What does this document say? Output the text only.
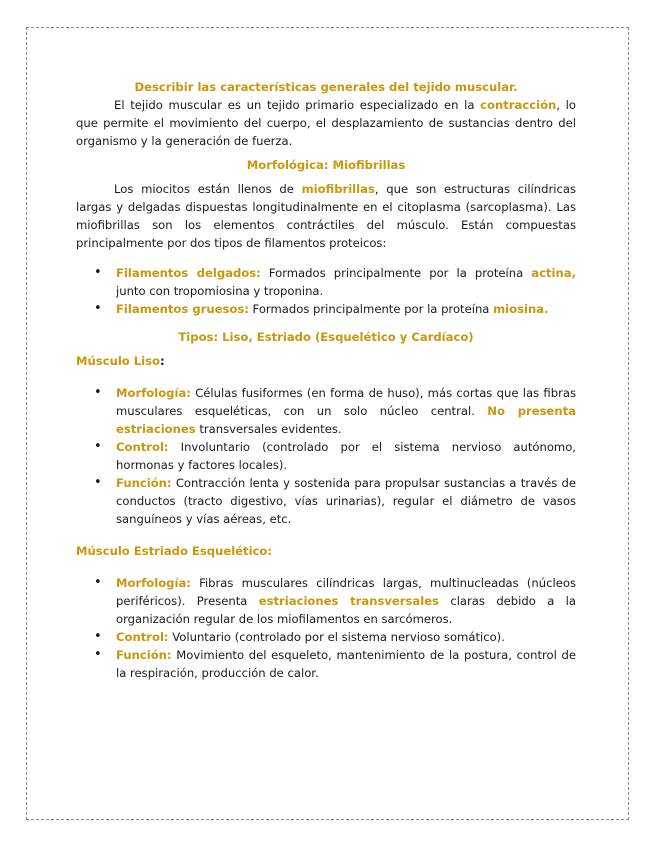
Describir las características generales del tejido muscular.

El tejido muscular es un tejido primario especializado en la contracción, lo que permite el movimiento del cuerpo, el desplazamiento de sustancias dentro del organismo y la generación de fuerza.

Morfológica: Miofibrillas

Los miocitos están llenos de miofibrillas, que son estructuras cilíndricas largas y delgadas dispuestas longitudinalmente en el citoplasma (sarcoplasma). Las miofibrillas son los elementos contráctiles del músculo. Están compuestas principalmente por dos tipos de filamentos proteicos:

• Filamentos delgados: Formados principalmente por la proteína actina, junto con tropomiosina y troponina.
• Filamentos gruesos: Formados principalmente por la proteína miosina.

Tipos: Liso, Estriado (Esquelético y Cardíaco)

Músculo Liso:

• Morfología: Células fusiformes (en forma de huso), más cortas que las fibras musculares esqueléticas, con un solo núcleo central. No presenta estriaciones transversales evidentes.
• Control: Involuntario (controlado por el sistema nervioso autónomo, hormonas y factores locales).
• Función: Contracción lenta y sostenida para propulsar sustancias a través de conductos (tracto digestivo, vías urinarias), regular el diámetro de vasos sanguíneos y vías aéreas, etc.

Músculo Estriado Esquelético:

• Morfología: Fibras musculares cilíndricas largas, multinucleadas (núcleos periféricos). Presenta estriaciones transversales claras debido a la organización regular de los miofilamentos en sarcómeros.
• Control: Voluntario (controlado por el sistema nervioso somático).
• Función: Movimiento del esqueleto, mantenimiento de la postura, control de la respiración, producción de calor.
